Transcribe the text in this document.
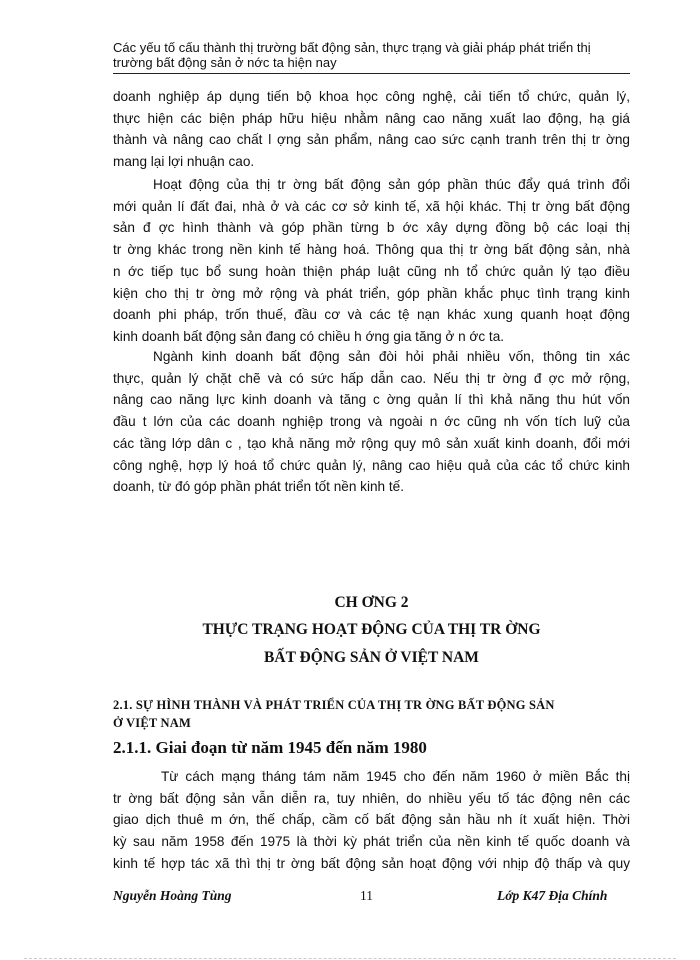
Các yếu tố cấu thành thị trường bất động sản, thực trạng và giải pháp phát triển thị
trường bất động sản ở nớc ta hiện nay
doanh nghiệp áp dụng tiến bộ khoa học công nghệ, cải tiến tổ chức, quản lý,
thực hiện các biện pháp hữu hiệu nhằm nâng cao năng xuất lao động, hạ giá
thành và nâng cao chất l ợng sản phẩm, nâng cao sức cạnh tranh trên thị tr ờng
mang lại lợi nhuận cao.
Hoạt động của thị tr ờng bất động sản góp phần thúc đẩy quá trình đổi
mới quản lí đất đai, nhà ở và các cơ sở kinh tế, xã hội khác. Thị tr ờng bất động
sản đ ợc hình thành và góp phần từng b ớc xây dựng đồng bộ các loại thị
tr ờng khác trong nền kinh tế hàng hoá. Thông qua thị tr ờng bất động sản, nhà
n ớc tiếp tục bổ sung hoàn thiện pháp luật cũng nh tổ chức quản lý tạo điều
kiện cho thị tr ờng mở rộng và phát triển, góp phần khắc phục tình trạng kinh
doanh phi pháp, trốn thuế, đầu cơ và các tệ nạn khác xung quanh hoạt động
kinh doanh bất động sản đang có chiều h ớng gia tăng ở n ớc ta.
Ngành kinh doanh bất động sản đòi hỏi phải nhiều vốn, thông tin xác
thực, quản lý chặt chẽ và có sức hấp dẫn cao. Nếu thị tr ờng đ ợc mở rộng,
nâng cao năng lực kinh doanh và tăng c ờng quản lí thì khả năng thu hút vốn
đầu t lớn của các doanh nghiệp trong và ngoài n ớc cũng nh vốn tích luỹ của
các tầng lớp dân c , tạo khả năng mở rộng quy mô sản xuất kinh doanh, đổi mới
công nghệ, hợp lý hoá tổ chức quản lý, nâng cao hiệu quả của các tổ chức kinh
doanh, từ đó góp phần phát triển tốt nền kinh tế.
CH ƠNG 2
THỰC TRẠNG HOẠT ĐỘNG CỦA THỊ TR ỜNG
BẤT ĐỘNG SẢN Ở VIỆT NAM
2.1. SỰ HÌNH THÀNH VÀ PHÁT TRIỂN CỦA THỊ TR ỜNG BẤT ĐỘNG SẢN
Ở VIỆT NAM
2.1.1. Giai đoạn từ năm 1945 đến năm 1980
Từ cách mạng tháng tám năm 1945 cho đến năm 1960 ở miền Bắc thị
tr ờng bất động sản vẫn diễn ra, tuy nhiên, do nhiều yếu tố tác động nên các
giao dịch thuê m ớn, thế chấp, cầm cố bất động sản hầu nh ít xuất hiện. Thời
kỳ sau năm 1958 đến 1975 là thời kỳ phát triển của nền kinh tế quốc doanh và
kinh tế hợp tác xã thì thị tr ờng bất động sản hoạt động với nhịp độ thấp và quy
Nguyễn Hoàng Tùng	11	Lớp K47 Địa Chính
